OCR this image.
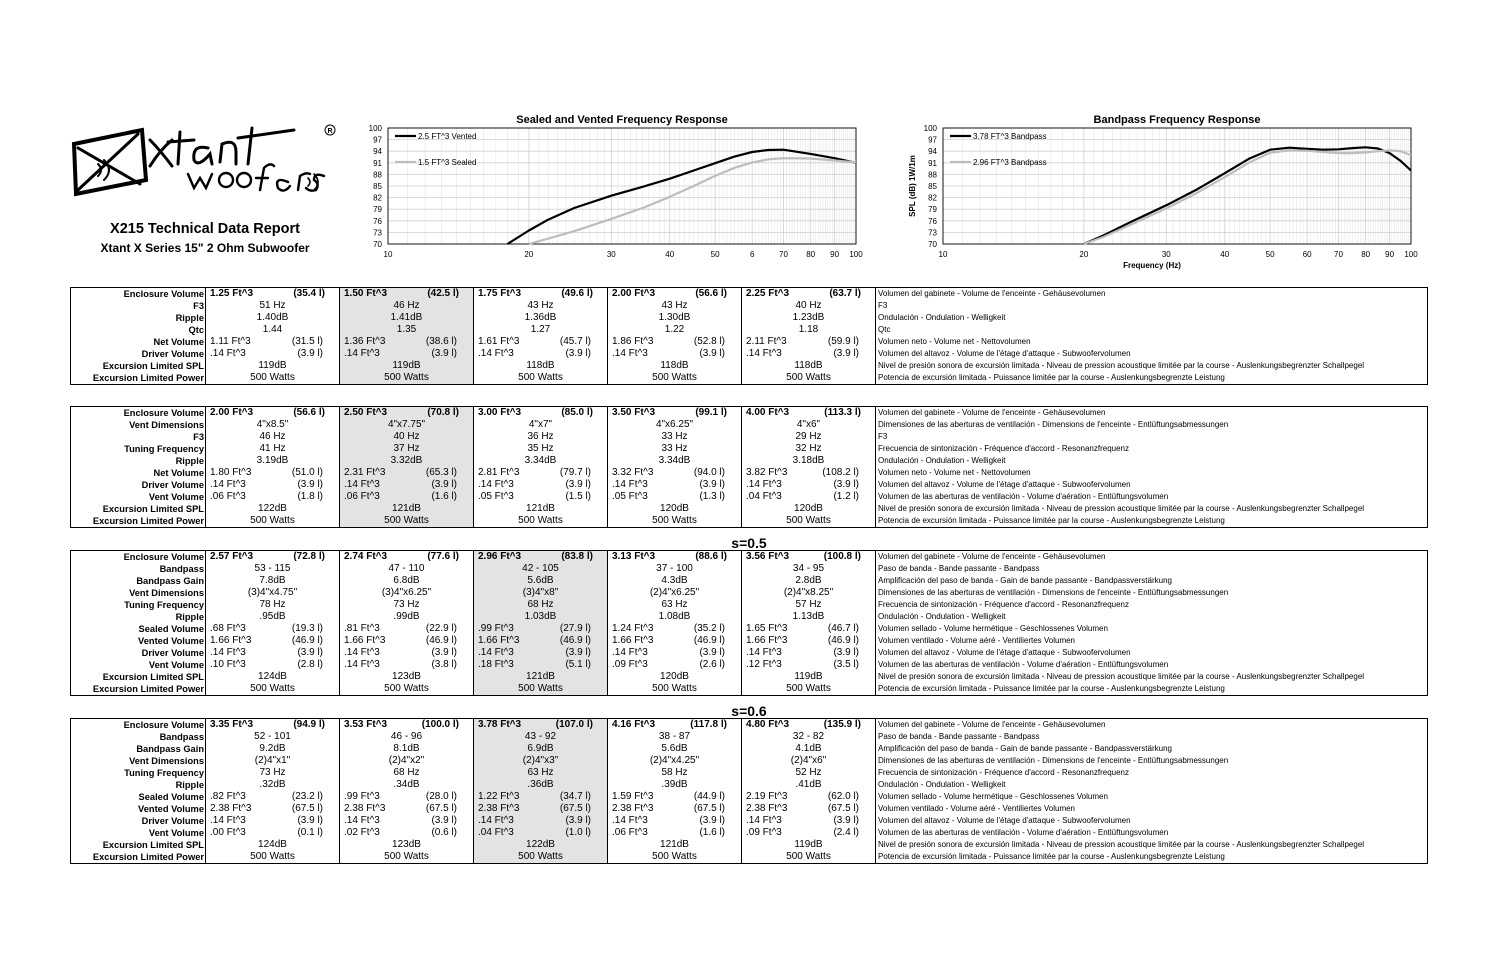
R
X215 Technical Data Report
Xtant X Series 15" 2 Ohm Subwoofer
Sealed and Vented Frequency Response
70
73
76
79
82
85
88
91
94
97
100
10	20	30	40	50	6	70 80 90 100
2.5 FT^3 Vented
1.5 FT^3 Sealed
Bandpass Frequency Response
70
73
76
79
82
85
88
91
94
97
100
10	20	30	40	50	60	70 80 90 100
Frequency (Hz)
SPL (dB) 1W/1m
3.78 FT^3 Bandpass
2.96 FT^3 Bandpass
Enclosure Volume	1.25 Ft^3 (35.4 l)	1.50 Ft^3 (42.5 l)	1.75 Ft^3 (49.6 l)	2.00 Ft^3 (56.6 l)	2.25 Ft^3 (63.7 l)	Volumen del gabinete - Volume de l'enceinte - Gehäusevolumen
F3	51 Hz	46 Hz	43 Hz	43 Hz	40 Hz	F3
Ripple	1.40dB	1.41dB	1.36dB	1.30dB	1.23dB	Ondulación - Ondulation - Welligkeit
Qtc	1.44	1.35	1.27	1.22	1.18	Qtc
Net Volume	1.11 Ft^3 (31.5 l)	1.36 Ft^3 (38.6 l)	1.61 Ft^3 (45.7 l)	1.86 Ft^3 (52.8 l)	2.11 Ft^3 (59.9 l)	Volumen neto - Volume net - Nettovolumen
Driver Volume	.14 Ft^3 (3.9 l)	.14 Ft^3 (3.9 l)	.14 Ft^3 (3.9 l)	.14 Ft^3 (3.9 l)	.14 Ft^3 (3.9 l)	Volumen del altavoz - Volume de l'étage d'attaque - Subwoofervolumen
Excursion Limited SPL	119dB	119dB	118dB	118dB	118dB	Nivel de presión sonora de excursión limitada - Niveau de pression acoustique limitée par la course - Auslenkungsbegrenzter Schallpegel
Excursion Limited Power	500 Watts	500 Watts	500 Watts	500 Watts	500 Watts	Potencia de excursión limitada - Puissance limitée par la course - Auslenkungsbegrenzte Leistung
Enclosure Volume	2.00 Ft^3 (56.6 l)	2.50 Ft^3 (70.8 l)	3.00 Ft^3 (85.0 l)	3.50 Ft^3 (99.1 l)	4.00 Ft^3 (113.3 l)	Volumen del gabinete - Volume de l'enceinte - Gehäusevolumen
Vent Dimensions	4"x8.5"	4"x7.75"	4"x7"	4"x6.25"	4"x6"	Dimensiones de las aberturas de ventilación - Dimensions de l'enceinte - Entlüftungsabmessungen
F3	46 Hz	40 Hz	36 Hz	33 Hz	29 Hz	F3
Tuning Frequency	41 Hz	37 Hz	35 Hz	33 Hz	32 Hz	Frecuencia de sintonización - Fréquence d'accord - Resonanzfrequenz
Ripple	3.19dB	3.32dB	3.34dB	3.34dB	3.18dB	Ondulación - Ondulation - Welligkeit
Net Volume	1.80 Ft^3 (51.0 l)	2.31 Ft^3 (65.3 l)	2.81 Ft^3 (79.7 l)	3.32 Ft^3 (94.0 l)	3.82 Ft^3 (108.2 l)	Volumen neto - Volume net - Nettovolumen
Driver Volume	.14 Ft^3 (3.9 l)	.14 Ft^3 (3.9 l)	.14 Ft^3 (3.9 l)	.14 Ft^3 (3.9 l)	.14 Ft^3 (3.9 l)	Volumen del altavoz - Volume de l'étage d'attaque - Subwoofervolumen
Vent Volume	.06 Ft^3 (1.8 l)	.06 Ft^3 (1.6 l)	.05 Ft^3 (1.5 l)	.05 Ft^3 (1.3 l)	.04 Ft^3 (1.2 l)	Volumen de las aberturas de ventilación - Volume d'aération - Entlüftungsvolumen
Excursion Limited SPL	122dB	121dB	121dB	120dB	120dB	Nivel de presión sonora de excursión limitada - Niveau de pression acoustique limitée par la course - Auslenkungsbegrenzter Schallpegel
Excursion Limited Power	500 Watts	500 Watts	500 Watts	500 Watts	500 Watts	Potencia de excursión limitada - Puissance limitée par la course - Auslenkungsbegrenzte Leistung
s=0.5
Enclosure Volume	2.57 Ft^3 (72.8 l)	2.74 Ft^3 (77.6 l)	2.96 Ft^3 (83.8 l)	3.13 Ft^3 (88.6 l)	3.56 Ft^3 (100.8 l)	Volumen del gabinete - Volume de l'enceinte - Gehäusevolumen
Bandpass	53 - 115	47 - 110	42 - 105	37 - 100	34 - 95	Paso de banda - Bande passante - Bandpass
Bandpass Gain	7.8dB	6.8dB	5.6dB	4.3dB	2.8dB	Amplificación del paso de banda - Gain de bande passante - Bandpassverstärkung
Vent Dimensions	(3)4"x4.75"	(3)4"x6.25"	(3)4"x8"	(2)4"x6.25"	(2)4"x8.25"	Dimensiones de las aberturas de ventilación - Dimensions de l'enceinte - Entlüftungsabmessungen
Tuning Frequency	78 Hz	73 Hz	68 Hz	63 Hz	57 Hz	Frecuencia de sintonización - Fréquence d'accord - Resonanzfrequenz
Ripple	.95dB	.99dB	1.03dB	1.08dB	1.13dB	Ondulación - Ondulation - Welligkeit
Sealed Volume	.68 Ft^3 (19.3 l)	.81 Ft^3 (22.9 l)	.99 Ft^3 (27.9 l)	1.24 Ft^3 (35.2 l)	1.65 Ft^3 (46.7 l)	Volumen sellado - Volume hermétique - Geschlossenes Volumen
Vented Volume	1.66 Ft^3 (46.9 l)	1.66 Ft^3 (46.9 l)	1.66 Ft^3 (46.9 l)	1.66 Ft^3 (46.9 l)	1.66 Ft^3 (46.9 l)	Volumen ventilado - Volume aéré - Ventiliertes Volumen
Driver Volume	.14 Ft^3 (3.9 l)	.14 Ft^3 (3.9 l)	.14 Ft^3 (3.9 l)	.14 Ft^3 (3.9 l)	.14 Ft^3 (3.9 l)	Volumen del altavoz - Volume de l'étage d'attaque - Subwoofervolumen
Vent Volume	.10 Ft^3 (2.8 l)	.14 Ft^3 (3.8 l)	.18 Ft^3 (5.1 l)	.09 Ft^3 (2.6 l)	.12 Ft^3 (3.5 l)	Volumen de las aberturas de ventilación - Volume d'aération - Entlüftungsvolumen
Excursion Limited SPL	124dB	123dB	121dB	120dB	119dB	Nivel de presión sonora de excursión limitada - Niveau de pression acoustique limitée par la course - Auslenkungsbegrenzter Schallpegel
Excursion Limited Power	500 Watts	500 Watts	500 Watts	500 Watts	500 Watts	Potencia de excursión limitada - Puissance limitée par la course - Auslenkungsbegrenzte Leistung
s=0.6
Enclosure Volume	3.35 Ft^3 (94.9 l)	3.53 Ft^3 (100.0 l)	3.78 Ft^3 (107.0 l)	4.16 Ft^3 (117.8 l)	4.80 Ft^3 (135.9 l)	Volumen del gabinete - Volume de l'enceinte - Gehäusevolumen
Bandpass	52 - 101	46 - 96	43 - 92	38 - 87	32 - 82	Paso de banda - Bande passante - Bandpass
Bandpass Gain	9.2dB	8.1dB	6.9dB	5.6dB	4.1dB	Amplificación del paso de banda - Gain de bande passante - Bandpassverstärkung
Vent Dimensions	(2)4"x1"	(2)4"x2"	(2)4"x3"	(2)4"x4.25"	(2)4"x6"	Dimensiones de las aberturas de ventilación - Dimensions de l'enceinte - Entlüftungsabmessungen
Tuning Frequency	73 Hz	68 Hz	63 Hz	58 Hz	52 Hz	Frecuencia de sintonización - Fréquence d'accord - Resonanzfrequenz
Ripple	.32dB	.34dB	.36dB	.39dB	.41dB	Ondulación - Ondulation - Welligkeit
Sealed Volume	.82 Ft^3 (23.2 l)	.99 Ft^3 (28.0 l)	1.22 Ft^3 (34.7 l)	1.59 Ft^3 (44.9 l)	2.19 Ft^3 (62.0 l)	Volumen sellado - Volume hermétique - Geschlossenes Volumen
Vented Volume	2.38 Ft^3 (67.5 l)	2.38 Ft^3 (67.5 l)	2.38 Ft^3 (67.5 l)	2.38 Ft^3 (67.5 l)	2.38 Ft^3 (67.5 l)	Volumen ventilado - Volume aéré - Ventiliertes Volumen
Driver Volume	.14 Ft^3 (3.9 l)	.14 Ft^3 (3.9 l)	.14 Ft^3 (3.9 l)	.14 Ft^3 (3.9 l)	.14 Ft^3 (3.9 l)	Volumen del altavoz - Volume de l'étage d'attaque - Subwoofervolumen
Vent Volume	.00 Ft^3 (0.1 l)	.02 Ft^3 (0.6 l)	.04 Ft^3 (1.0 l)	.06 Ft^3 (1.6 l)	.09 Ft^3 (2.4 l)	Volumen de las aberturas de ventilación - Volume d'aération - Entlüftungsvolumen
Excursion Limited SPL	124dB	123dB	122dB	121dB	119dB	Nivel de presión sonora de excursión limitada - Niveau de pression acoustique limitée par la course - Auslenkungsbegrenzter Schallpegel
Excursion Limited Power	500 Watts	500 Watts	500 Watts	500 Watts	500 Watts	Potencia de excursión limitada - Puissance limitée par la course - Auslenkungsbegrenzte Leistung
